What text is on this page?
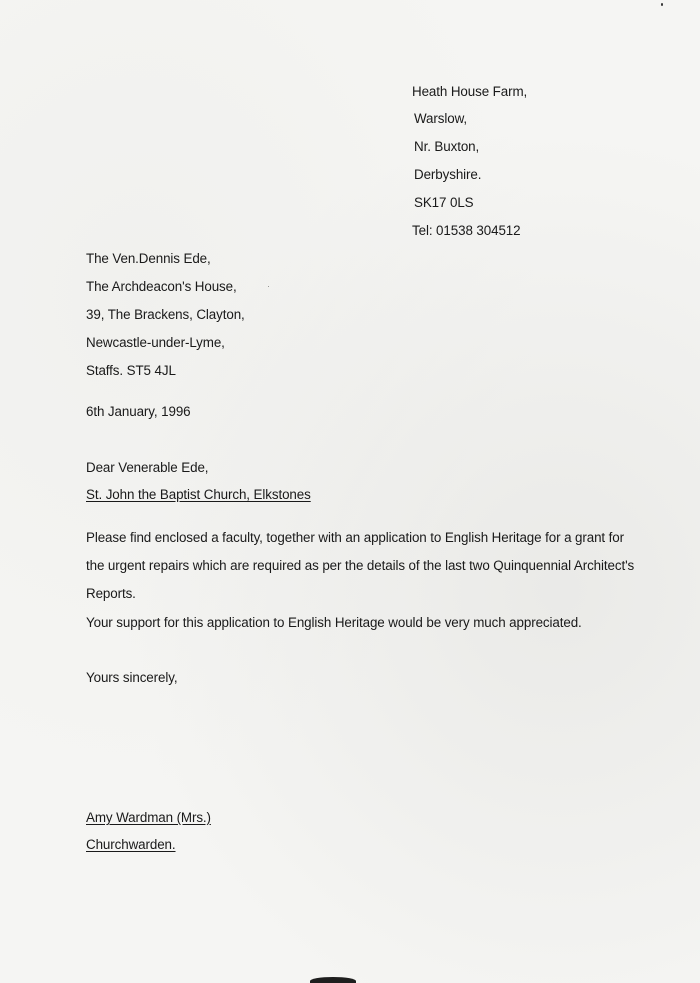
Heath House Farm,
Warslow,
Nr. Buxton,
Derbyshire.
SK17 0LS
Tel: 01538 304512
The Ven.Dennis Ede,
The Archdeacon's House,
39, The Brackens, Clayton,
Newcastle-under-Lyme,
Staffs. ST5 4JL
6th January, 1996
Dear Venerable Ede,
St. John the Baptist Church, Elkstones
Please find enclosed a faculty, together with an application to English Heritage for a grant for
the urgent repairs which are required as per the details of the last two Quinquennial Architect's
Reports.
Your support for this application to English Heritage would be very much appreciated.
Yours sincerely,
Amy Wardman (Mrs.)
Churchwarden.
